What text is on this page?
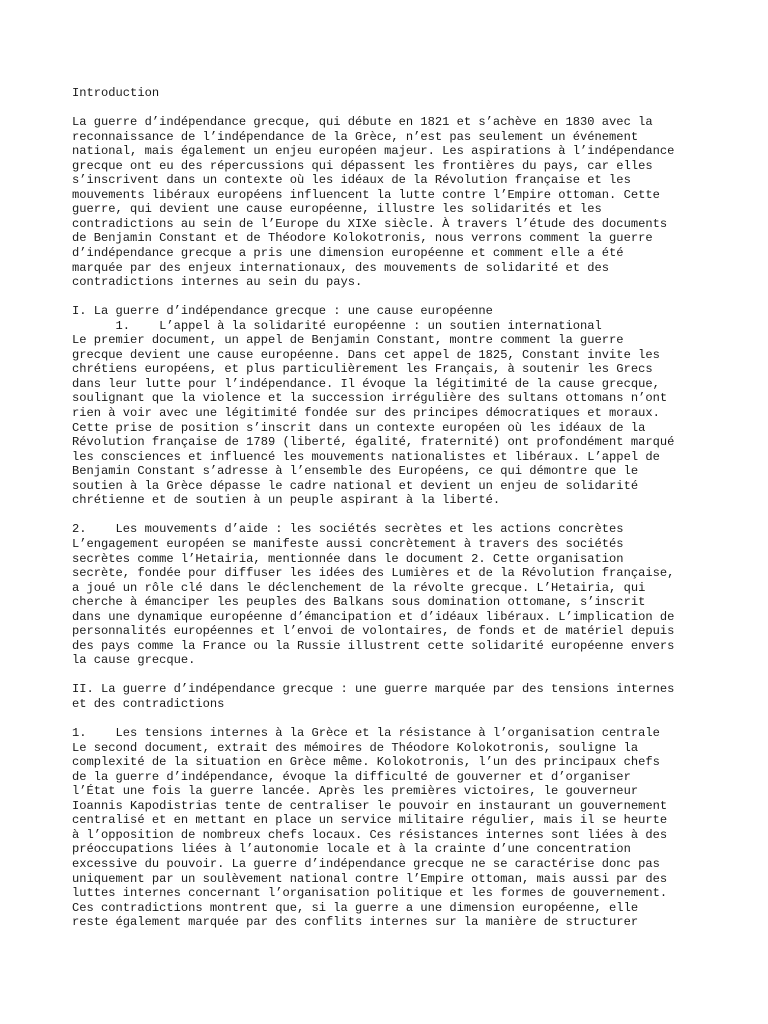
Introduction
La guerre d’indépendance grecque, qui débute en 1821 et s’achève en 1830 avec la
reconnaissance de l’indépendance de la Grèce, n’est pas seulement un événement
national, mais également un enjeu européen majeur. Les aspirations à l’indépendance
grecque ont eu des répercussions qui dépassent les frontières du pays, car elles
s’inscrivent dans un contexte où les idéaux de la Révolution française et les
mouvements libéraux européens influencent la lutte contre l’Empire ottoman. Cette
guerre, qui devient une cause européenne, illustre les solidarités et les
contradictions au sein de l’Europe du XIXe siècle. À travers l’étude des documents
de Benjamin Constant et de Théodore Kolokotronis, nous verrons comment la guerre
d’indépendance grecque a pris une dimension européenne et comment elle a été
marquée par des enjeux internationaux, des mouvements de solidarité et des
contradictions internes au sein du pays.
I. La guerre d’indépendance grecque : une cause européenne
1.    L’appel à la solidarité européenne : un soutien international
Le premier document, un appel de Benjamin Constant, montre comment la guerre
grecque devient une cause européenne. Dans cet appel de 1825, Constant invite les
chrétiens européens, et plus particulièrement les Français, à soutenir les Grecs
dans leur lutte pour l’indépendance. Il évoque la légitimité de la cause grecque,
soulignant que la violence et la succession irrégulière des sultans ottomans n’ont
rien à voir avec une légitimité fondée sur des principes démocratiques et moraux.
Cette prise de position s’inscrit dans un contexte européen où les idéaux de la
Révolution française de 1789 (liberté, égalité, fraternité) ont profondément marqué
les consciences et influencé les mouvements nationalistes et libéraux. L’appel de
Benjamin Constant s’adresse à l’ensemble des Européens, ce qui démontre que le
soutien à la Grèce dépasse le cadre national et devient un enjeu de solidarité
chrétienne et de soutien à un peuple aspirant à la liberté.
2.    Les mouvements d’aide : les sociétés secrètes et les actions concrètes
L’engagement européen se manifeste aussi concrètement à travers des sociétés
secrètes comme l’Hetairia, mentionnée dans le document 2. Cette organisation
secrète, fondée pour diffuser les idées des Lumières et de la Révolution française,
a joué un rôle clé dans le déclenchement de la révolte grecque. L’Hetairia, qui
cherche à émanciper les peuples des Balkans sous domination ottomane, s’inscrit
dans une dynamique européenne d’émancipation et d’idéaux libéraux. L’implication de
personnalités européennes et l’envoi de volontaires, de fonds et de matériel depuis
des pays comme la France ou la Russie illustrent cette solidarité européenne envers
la cause grecque.
II. La guerre d’indépendance grecque : une guerre marquée par des tensions internes
et des contradictions
1.    Les tensions internes à la Grèce et la résistance à l’organisation centrale
Le second document, extrait des mémoires de Théodore Kolokotronis, souligne la
complexité de la situation en Grèce même. Kolokotronis, l’un des principaux chefs
de la guerre d’indépendance, évoque la difficulté de gouverner et d’organiser
l’État une fois la guerre lancée. Après les premières victoires, le gouverneur
Ioannis Kapodistrias tente de centraliser le pouvoir en instaurant un gouvernement
centralisé et en mettant en place un service militaire régulier, mais il se heurte
à l’opposition de nombreux chefs locaux. Ces résistances internes sont liées à des
préoccupations liées à l’autonomie locale et à la crainte d’une concentration
excessive du pouvoir. La guerre d’indépendance grecque ne se caractérise donc pas
uniquement par un soulèvement national contre l’Empire ottoman, mais aussi par des
luttes internes concernant l’organisation politique et les formes de gouvernement.
Ces contradictions montrent que, si la guerre a une dimension européenne, elle
reste également marquée par des conflits internes sur la manière de structurer
